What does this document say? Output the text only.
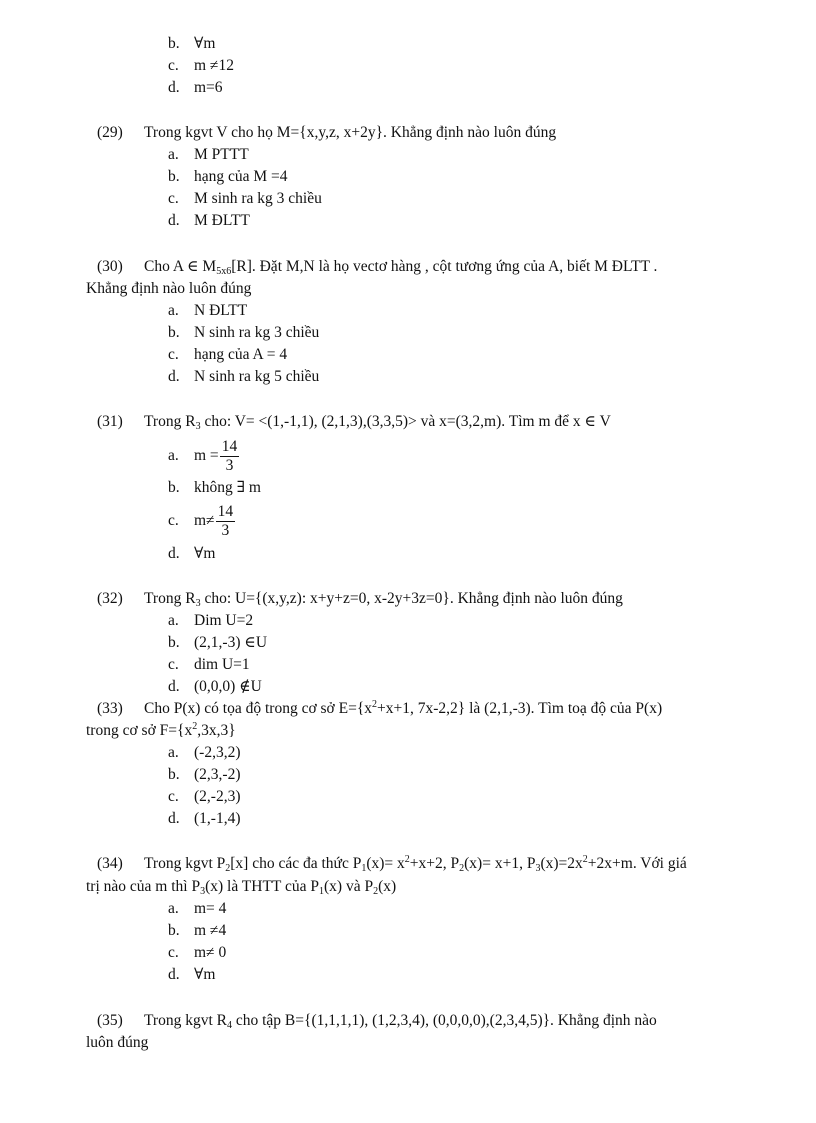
b. ∀m
c. m ≠12
d. m=6
(29) Trong kgvt V cho họ M={x,y,z, x+2y}. Khẳng định nào luôn đúng
a. M PTTT
b. hạng của M =4
c. M sinh ra kg 3 chiều
d. M ĐLTT
(30) Cho A ∈ $M_{5x6}[R]$. Đặt M,N là họ vectơ hàng , cột tương ứng của A, biết M ĐLTT .
Khẳng định nào luôn đúng
a. N ĐLTT
b. N sinh ra kg 3 chiều
c. hạng của A = 4
d. N sinh ra kg 5 chiều
(31) Trong $R_3$ cho: V= <(1,-1,1), (2,1,3),(3,3,5)> và x=(3,2,m). Tìm m để x ∈ V
a. $m = \frac{14}{3}$
b. không ∃ m
c. $m\ne \frac{14}{3}$
d. ∀m
(32) Trong $R_3$ cho: U={(x,y,z): x+y+z=0, x-2y+3z=0}. Khẳng định nào luôn đúng
a. Dim U=2
b. (2,1,-3) ∈U
c. dim U=1
d. (0,0,0) ∉U
(33) Cho P(x) có tọa độ trong cơ sở $E=\{x^2+x+1$, 7x-2,2} là (2,1,-3). Tìm toạ độ của P(x)
trong cơ sở $F=\{x^2,3x,3\}$
a. (-2,3,2)
b. (2,3,-2)
c. (2,-2,3)
d. (1,-1,4)
(34) Trong kgvt $P_2[x]$ cho các đa thức $P_1(x)= x^2+x+2$, $P_2(x)= x+1$, $P_3(x)=2x^2+2x+m$. Với giá
trị nào của m thì $P_3(x)$ là THTT của $P_1(x)$ và $P_2(x)$
a. m= 4
b. m ≠4
c. m≠ 0
d. ∀m
(35) Trong kgvt $R_4$ cho tập B={(1,1,1,1), (1,2,3,4), (0,0,0,0),(2,3,4,5)}. Khẳng định nào
luôn đúng
